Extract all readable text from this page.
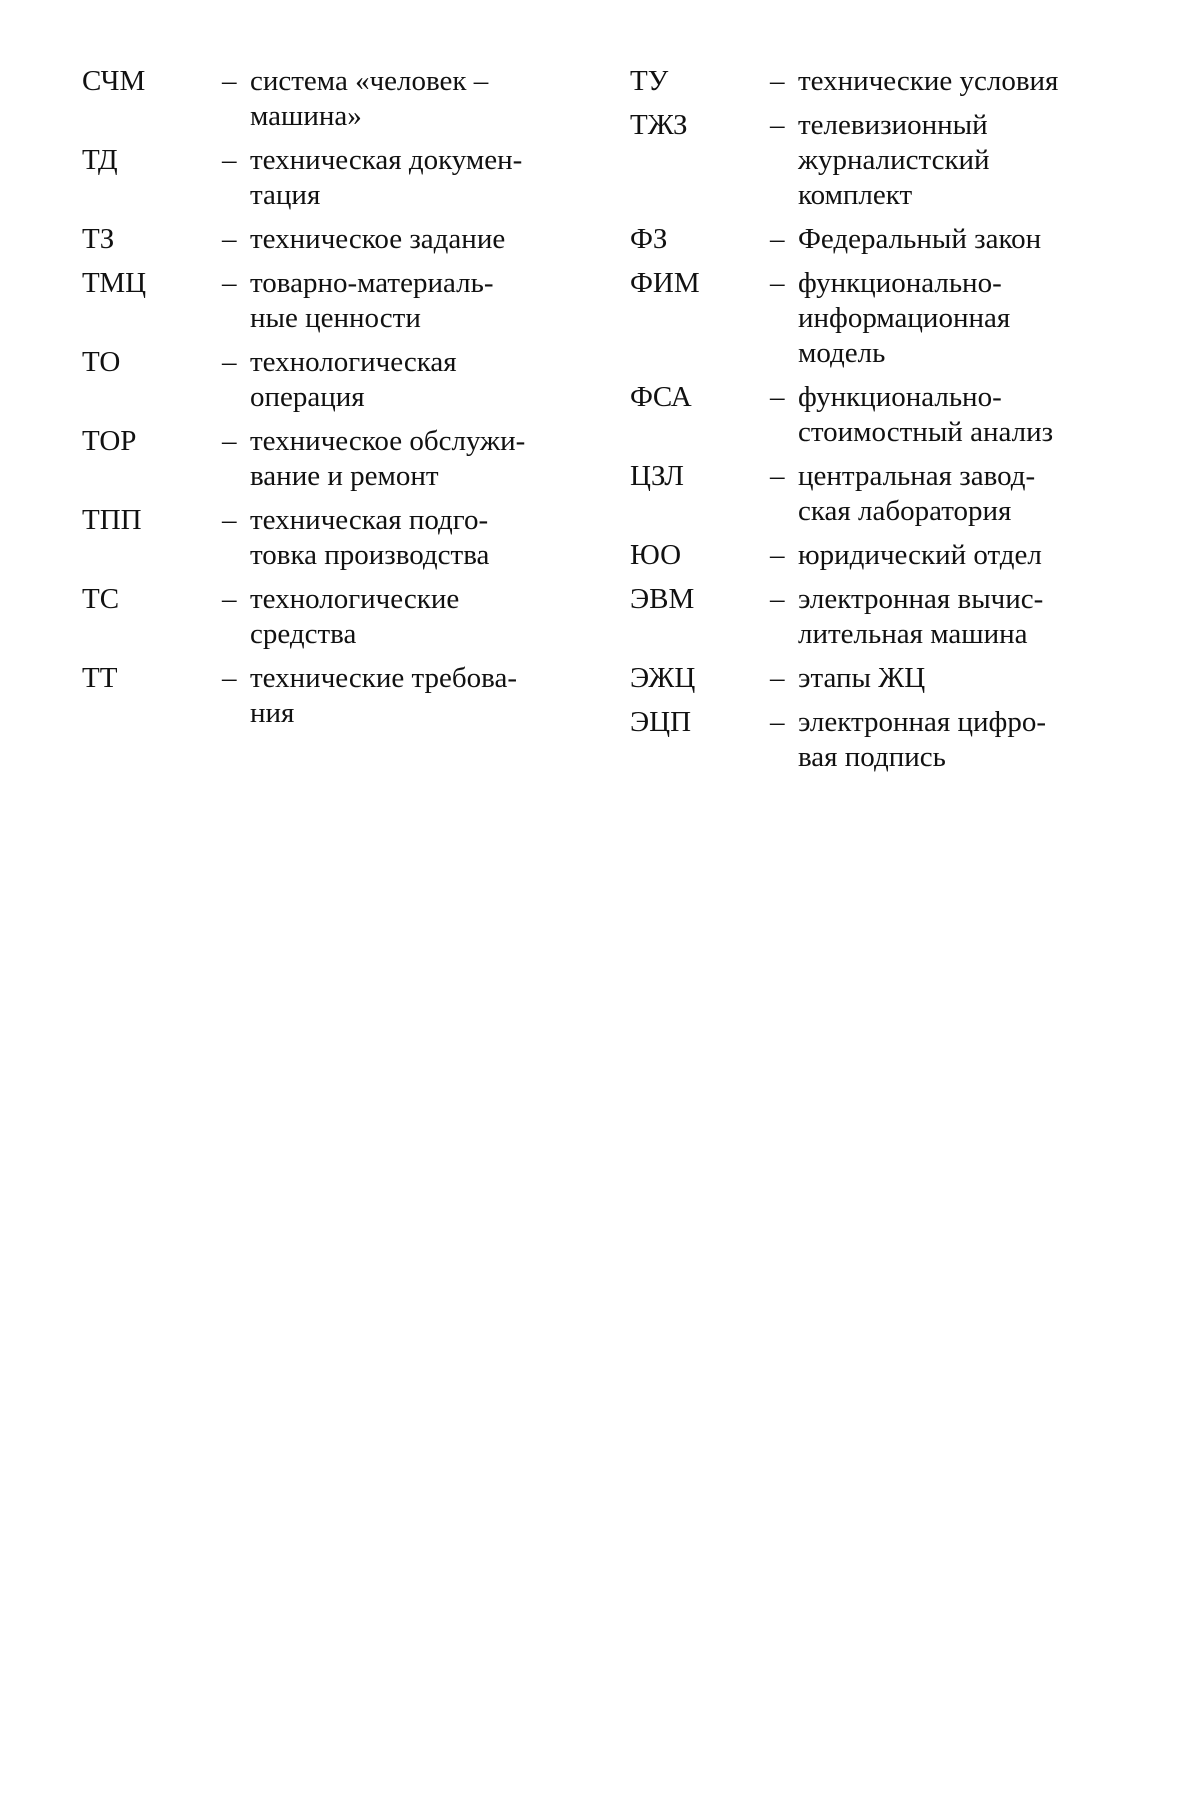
СЧМ	– система «человек –
машина»
ТД	– техническая докумен-
тация
ТЗ	– техническое задание
ТМЦ	– товарно-материаль-
ные ценности
ТО	– технологическая
операция
ТОР	– техническое обслужи-
вание и ремонт
ТПП	– техническая подго-
товка производства
ТС	– технологические
средства
ТТ	– технические требова-
ния
ТУ	– технические условия
ТЖЗ	– телевизионный
журналистский
комплект
ФЗ	– Федеральный закон
ФИМ	– функционально-
информационная
модель
ФСА	– функционально-
стоимостный анализ
ЦЗЛ	– центральная завод-
ская лаборатория
ЮО	– юридический отдел
ЭВМ	– электронная вычис-
лительная машина
ЭЖЦ	– этапы ЖЦ
ЭЦП	– электронная цифро-
вая подпись
